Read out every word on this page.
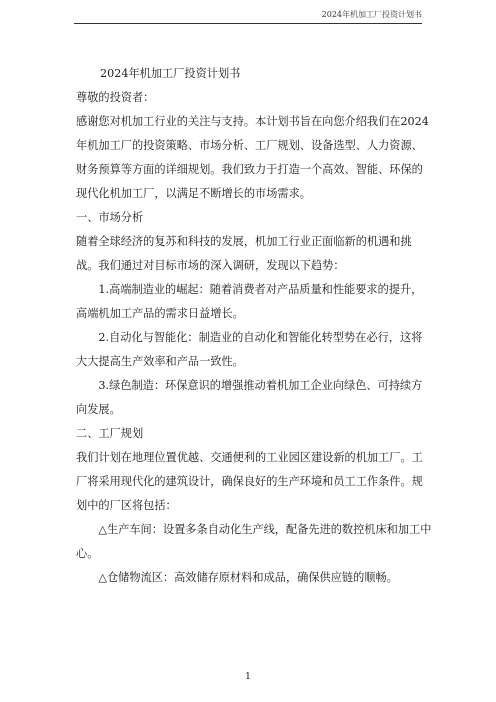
2024年机加工厂投资计划书

2024年机加工厂投资计划书

尊敬的投资者：

感谢您对机加工行业的关注与支持。本计划书旨在向您介绍我们在2024年机加工厂的投资策略、市场分析、工厂规划、设备选型、人力资源、财务预算等方面的详细规划。我们致力于打造一个高效、智能、环保的现代化机加工厂，以满足不断增长的市场需求。

一、市场分析

随着全球经济的复苏和科技的发展，机加工行业正面临新的机遇和挑战。我们通过对目标市场的深入调研，发现以下趋势：

1.高端制造业的崛起：随着消费者对产品质量和性能要求的提升，高端机加工产品的需求日益增长。

2.自动化与智能化：制造业的自动化和智能化转型势在必行，这将大大提高生产效率和产品一致性。

3.绿色制造：环保意识的增强推动着机加工企业向绿色、可持续方向发展。

二、工厂规划

我们计划在地理位置优越、交通便利的工业园区建设新的机加工厂。工厂将采用现代化的建筑设计，确保良好的生产环境和员工工作条件。规划中的厂区将包括：

△生产车间：设置多条自动化生产线，配备先进的数控机床和加工中心。

△仓储物流区：高效储存原材料和成品，确保供应链的顺畅。

1
